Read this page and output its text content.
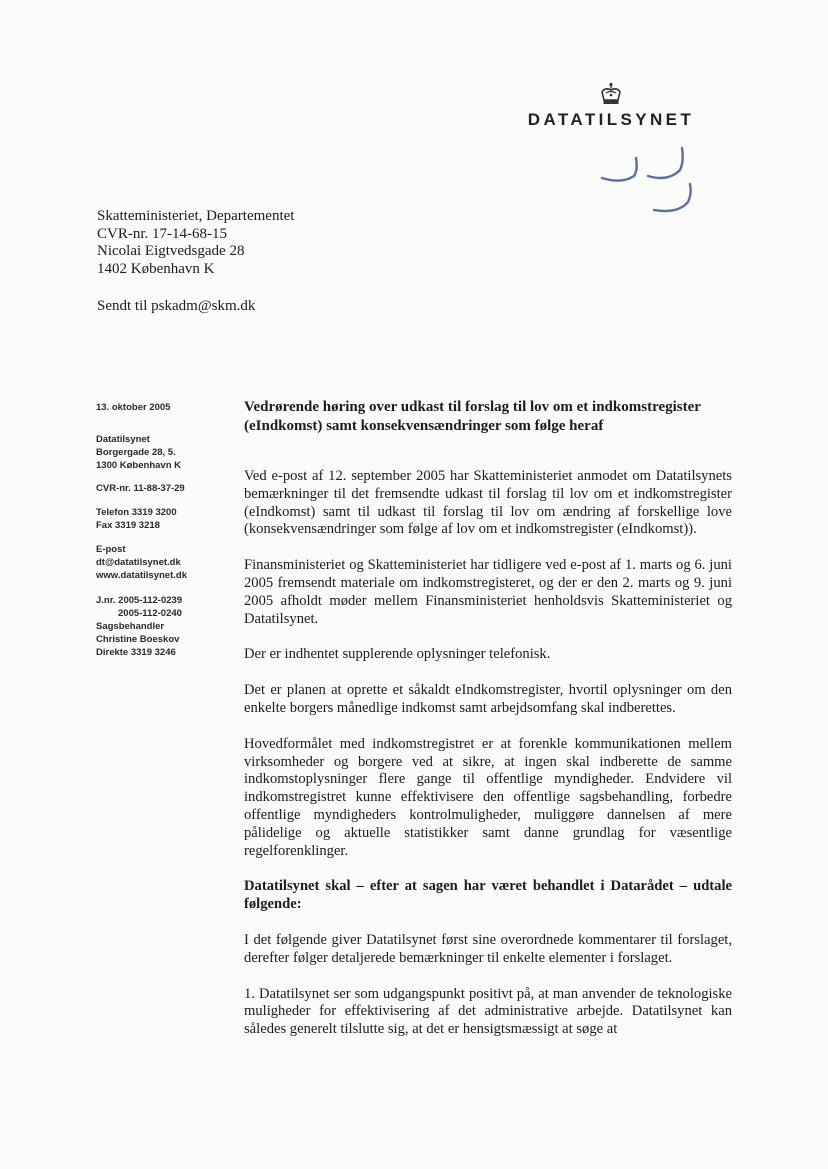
DATATILSYNET
Skatteministeriet, Departementet
CVR-nr. 17-14-68-15
Nicolai Eigtvedsgade 28
1402 København K
Sendt til pskadm@skm.dk
13. oktober 2005
Datatilsynet
Borgergade 28, 5.
1300 København K
CVR-nr. 11-88-37-29
Telefon 3319 3200
Fax 3319 3218
E-post
dt@datatilsynet.dk
www.datatilsynet.dk
J.nr. 2005-112-0239
2005-112-0240
Sagsbehandler
Christine Boeskov
Direkte 3319 3246
Vedrørende høring over udkast til forslag til lov om et indkomstregister (eIndkomst) samt konsekvensændringer som følge heraf

Ved e-post af 12. september 2005 har Skatteministeriet anmodet om Datatilsynets bemærkninger til det fremsendte udkast til forslag til lov om et indkomstregister (eIndkomst) samt til udkast til forslag til lov om ændring af forskellige love (konsekvensændringer som følge af lov om et indkomstregister (eIndkomst)).

Finansministeriet og Skatteministeriet har tidligere ved e-post af 1. marts og 6. juni 2005 fremsendt materiale om indkomstregisteret, og der er den 2. marts og 9. juni 2005 afholdt møder mellem Finansministeriet henholdsvis Skatteministeriet og Datatilsynet.

Der er indhentet supplerende oplysninger telefonisk.

Det er planen at oprette et såkaldt eIndkomstregister, hvortil oplysninger om den enkelte borgers månedlige indkomst samt arbejdsomfang skal indberettes.

Hovedformålet med indkomstregistret er at forenkle kommunikationen mellem virksomheder og borgere ved at sikre, at ingen skal indberette de samme indkomstoplysninger flere gange til offentlige myndigheder. Endvidere vil indkomstregistret kunne effektivisere den offentlige sagsbehandling, forbedre offentlige myndigheders kontrolmuligheder, muliggøre dannelsen af mere pålidelige og aktuelle statistikker samt danne grundlag for væsentlige regelforenklinger.

Datatilsynet skal – efter at sagen har været behandlet i Datarådet – udtale følgende:

I det følgende giver Datatilsynet først sine overordnede kommentarer til forslaget, derefter følger detaljerede bemærkninger til enkelte elementer i forslaget.

1. Datatilsynet ser som udgangspunkt positivt på, at man anvender de teknologiske muligheder for effektivisering af det administrative arbejde. Datatilsynet kan således generelt tilslutte sig, at det er hensigtsmæssigt at søge at
